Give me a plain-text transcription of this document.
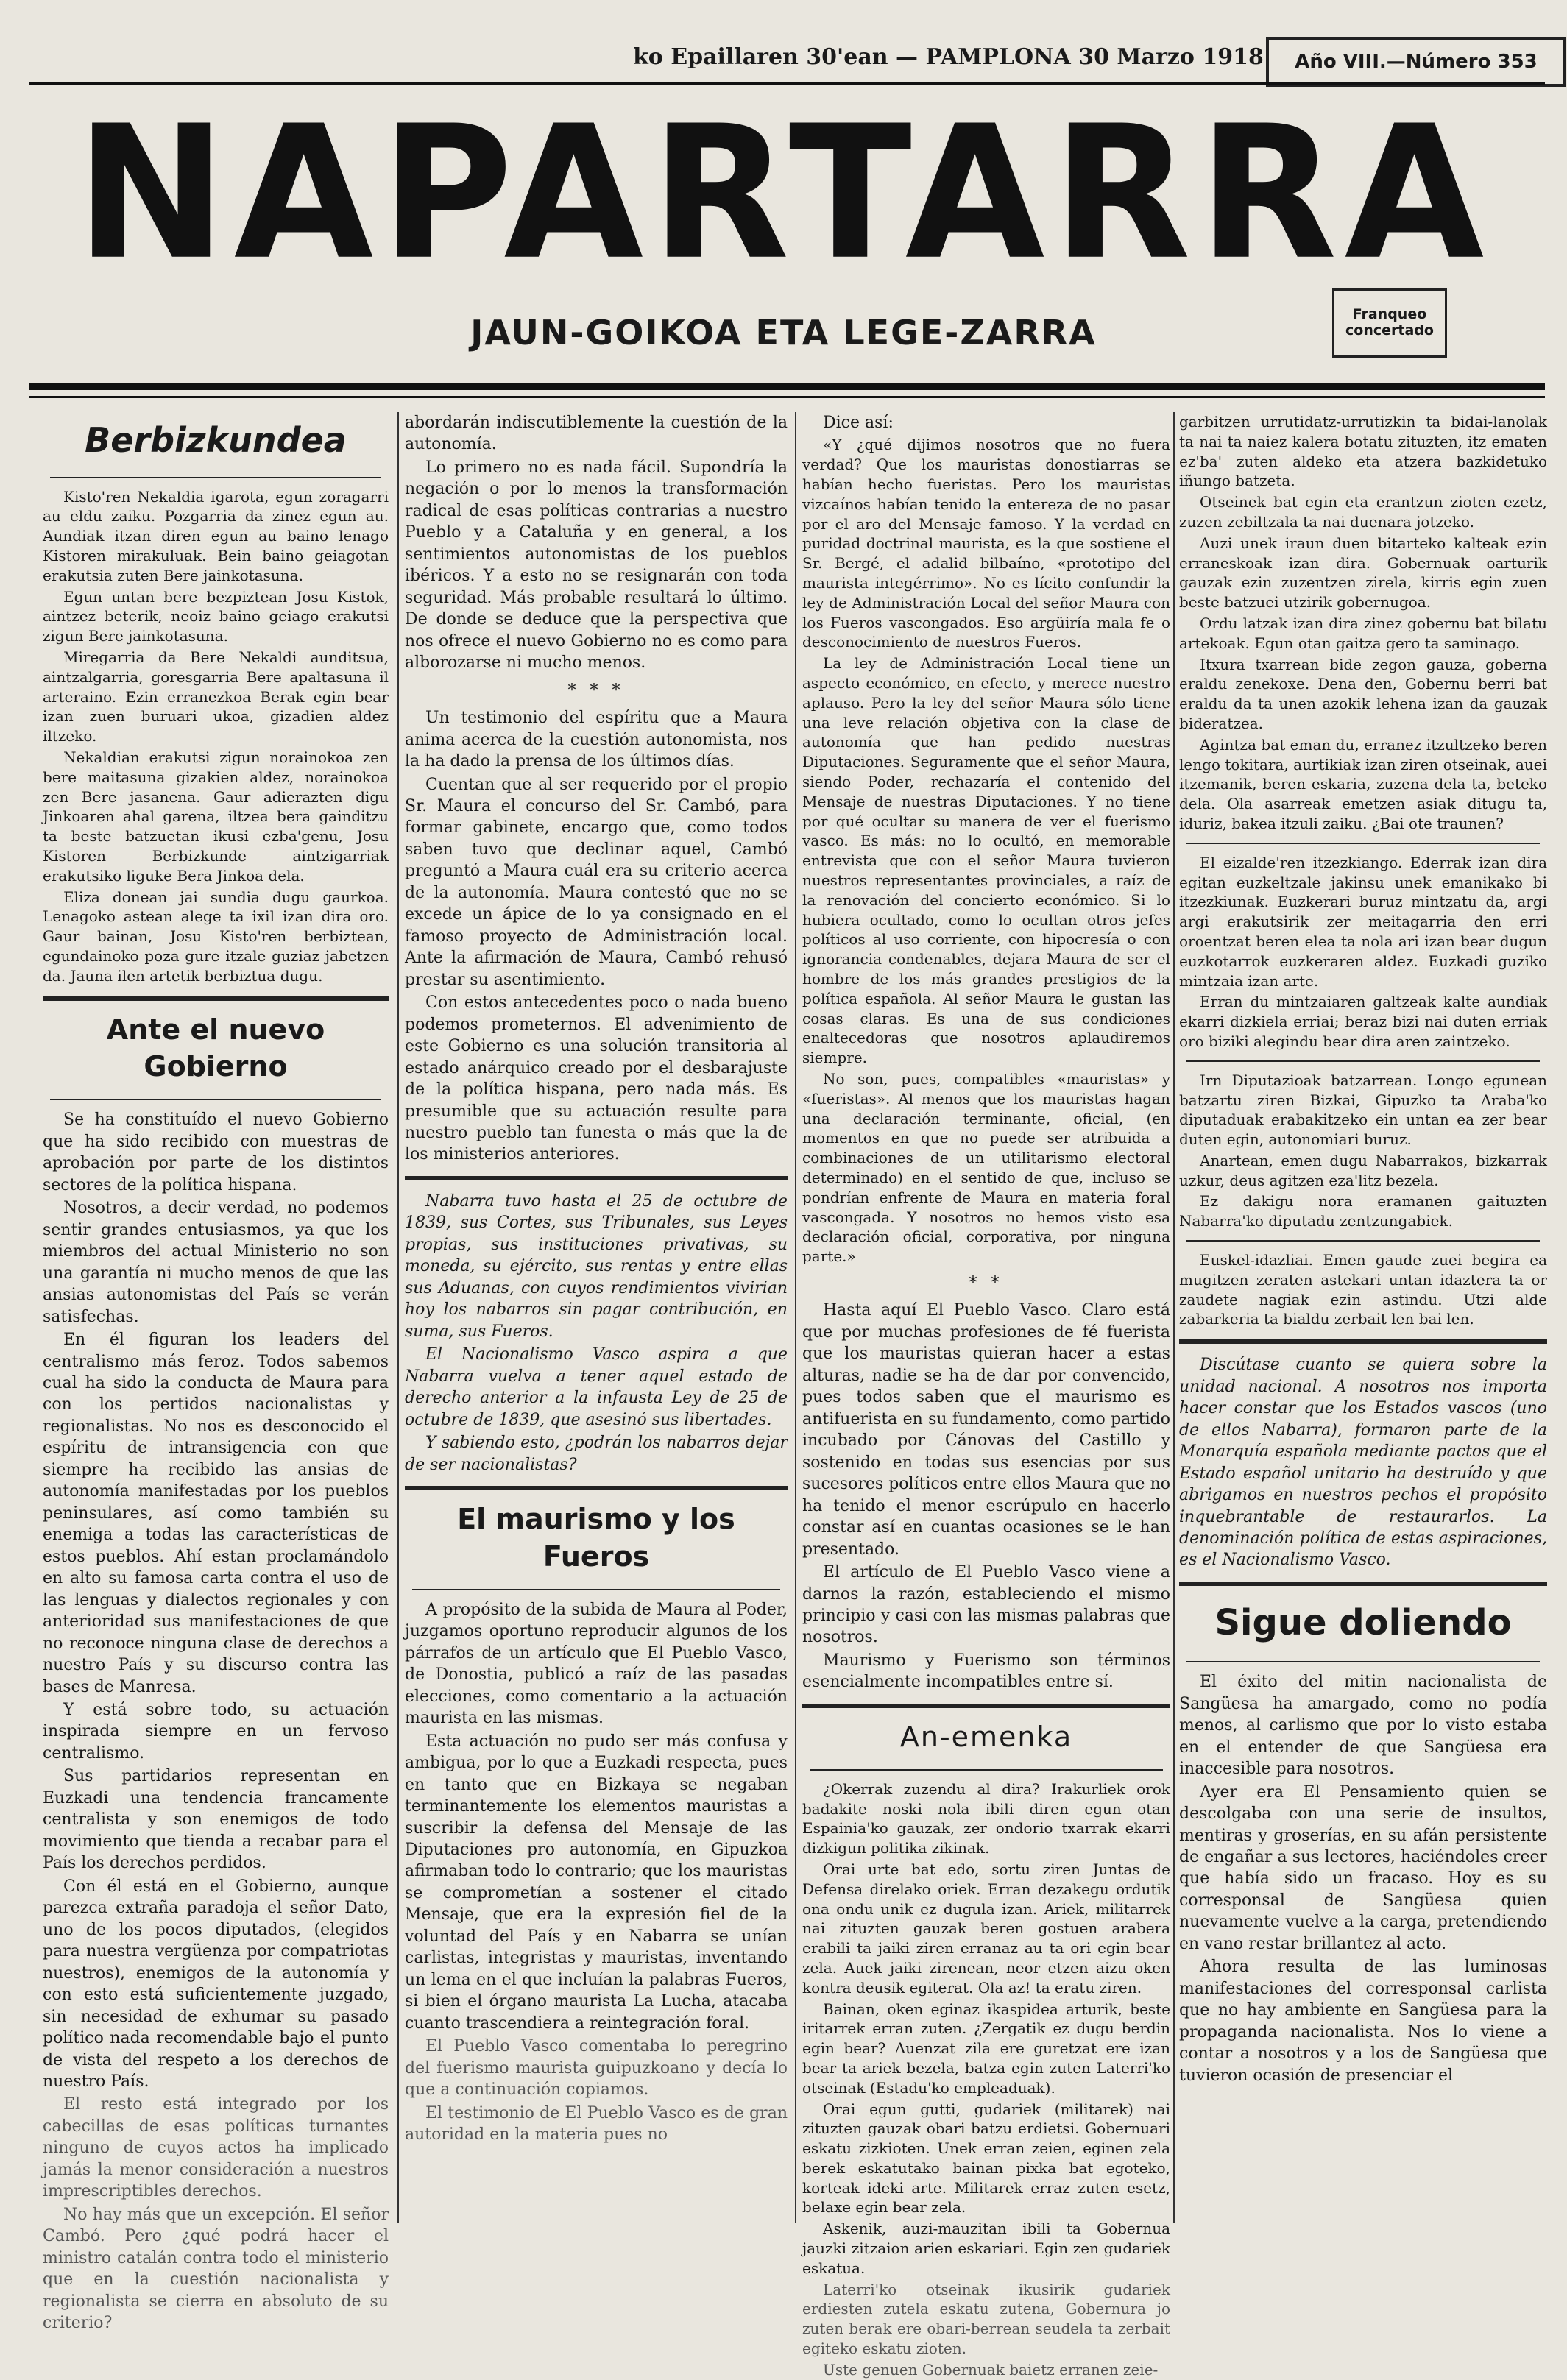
ko Epaillaren 30'ean — PAMPLONA 30 Marzo 1918	Año VIII.—Número 353
NAPARTARRA
JAUN-GOIKOA ETA LEGE-ZARRA	Franqueo concertado
Berbizkundea

Kisto'ren Nekaldia igarota, egun zoragarri au eldu zaiku. Pozgarria da zinez egun au. Aundiak itzan diren egun au baino lenago Kistoren mirakuluak. Bein baino geiagotan erakutsia zuten Bere jainkotasuna.

Egun untan bere bezpiztean Josu Kistok, aintzez beterik, neoiz baino geiago erakutsi zigun Bere jainkotasuna.

Miregarria da Bere Nekaldi aunditsua, aintzalgarria, goresgarria Bere apaltasuna il arteraino. Ezin erranezkoa Berak egin bear izan zuen buruari ukoa, gizadien aldez iltzeko.

Nekaldian erakutsi zigun norainokoa zen bere maitasuna gizakien aldez, norainokoa zen Bere jasanena. Gaur adierazten digu Jinkoaren ahal garena, iltzea bera gainditzu ta beste batzuetan ikusi ezba'genu, Josu Kistoren Berbizkunde aintzigarriak erakutsiko liguke Bera Jinkoa dela.

Eliza donean jai sundia dugu gaurkoa. Lenagoko astean alege ta ixil izan dira oro. Gaur bainan, Josu Kisto'ren berbiztean, egundainoko poza gure itzale guziaz jabetzen da. Jauna ilen artetik berbiztua dugu.

Ante el nuevo Gobierno

Se ha constituído el nuevo Gobierno que ha sido recibido con muestras de aprobación por parte de los distintos sectores de la política hispana.

Nosotros, a decir verdad, no podemos sentir grandes entusiasmos, ya que los miembros del actual Ministerio no son una garantía ni mucho menos de que las ansias autonomistas del País se verán satisfechas.

En él figuran los leaders del centralismo más feroz. Todos sabemos cual ha sido la conducta de Maura para con los pertidos nacionalistas y regionalistas. No nos es desconocido el espíritu de intransigencia con que siempre ha recibido las ansias de autonomía manifestadas por los pueblos peninsulares, así como también su enemiga a todas las características de estos pueblos. Ahí estan proclamándolo en alto su famosa carta contra el uso de las lenguas y dialectos regionales y con anterioridad sus manifestaciones de que no reconoce ninguna clase de derechos a nuestro País y su discurso contra las bases de Manresa.

Y está sobre todo, su actuación inspirada siempre en un fervoso centralismo.

Sus partidarios representan en Euzkadi una tendencia francamente centralista y son enemigos de todo movimiento que tienda a recabar para el País los derechos perdidos.

Con él está en el Gobierno, aunque parezca extraña paradoja el señor Dato, uno de los pocos diputados, (elegidos para nuestra vergüenza por compatriotas nuestros), enemigos de la autonomía y con esto está suficientemente juzgado, sin necesidad de exhumar su pasado político nada recomendable bajo el punto de vista del respeto a los derechos de nuestro País.

El resto está integrado por los cabecillas de esas políticas turnantes ninguno de cuyos actos ha implicado jamás la menor consideración a nuestros imprescriptibles derechos.

No hay más que un excepción. El señor Cambó. Pero ¿qué podrá hacer el ministro catalán contra todo el ministerio que en la cuestión nacionalista y regionalista se cierra en absoluto de su criterio?

abordarán indiscutiblemente la cuestión de la autonomía.

Lo primero no es nada fácil. Supondría la negación o por lo menos la transformación radical de esas políticas contrarias a nuestro Pueblo y a Cataluña y en general, a los sentimientos autonomistas de los pueblos ibéricos. Y a esto no se resignarán con toda seguridad. Más probable resultará lo último. De donde se deduce que la perspectiva que nos ofrece el nuevo Gobierno no es como para alborozarse ni mucho menos.

* * *

Un testimonio del espíritu que a Maura anima acerca de la cuestión autonomista, nos la ha dado la prensa de los últimos días.

Cuentan que al ser requerido por el propio Sr. Maura el concurso del Sr. Cambó, para formar gabinete, encargo que, como todos saben tuvo que declinar aquel, Cambó preguntó a Maura cuál era su criterio acerca de la autonomía. Maura contestó que no se excede un ápice de lo ya consignado en el famoso proyecto de Administración local. Ante la afirmación de Maura, Cambó rehusó prestar su asentimiento.

Con estos antecedentes poco o nada bueno podemos prometernos. El advenimiento de este Gobierno es una solución transitoria al estado anárquico creado por el desbarajuste de la política hispana, pero nada más. Es presumible que su actuación resulte para nuestro pueblo tan funesta o más que la de los ministerios anteriores.

Nabarra tuvo hasta el 25 de octubre de 1839, sus Cortes, sus Tribunales, sus Leyes propias, sus instituciones privativas, su moneda, su ejército, sus rentas y entre ellas sus Aduanas, con cuyos rendimientos vivirian hoy los nabarros sin pagar contribución, en suma, sus Fueros.

El Nacionalismo Vasco aspira a que Nabarra vuelva a tener aquel estado de derecho anterior a la infausta Ley de 25 de octubre de 1839, que asesinó sus libertades.

Y sabiendo esto, ¿podrán los nabarros dejar de ser nacionalistas?

El maurismo y los Fueros

A propósito de la subida de Maura al Poder, juzgamos oportuno reproducir algunos de los párrafos de un artículo que El Pueblo Vasco, de Donostia, publicó a raíz de las pasadas elecciones, como comentario a la actuación maurista en las mismas.

Esta actuación no pudo ser más confusa y ambigua, por lo que a Euzkadi respecta, pues en tanto que en Bizkaya se negaban terminantemente los elementos mauristas a suscribir la defensa del Mensaje de las Diputaciones pro autonomía, en Gipuzkoa afirmaban todo lo contrario; que los mauristas se comprometían a sostener el citado Mensaje, que era la expresión fiel de la voluntad del País y en Nabarra se unían carlistas, integristas y mauristas, inventando un lema en el que incluían la palabras Fueros, si bien el órgano maurista La Lucha, atacaba cuanto trascendiera a reintegración foral.

El Pueblo Vasco comentaba lo peregrino del fuerismo maurista guipuzkoano y decía lo que a continuación copiamos.

El testimonio de El Pueblo Vasco es de gran autoridad en la materia pues no

Dice así:

«Y ¿qué dijimos nosotros que no fuera verdad? Que los mauristas donostiarras se habían hecho fueristas. Pero los mauristas vizcaínos habían tenido la entereza de no pasar por el aro del Mensaje famoso. Y la verdad en puridad doctrinal maurista, es la que sostiene el Sr. Bergé, el adalid bilbaíno, «prototipo del maurista integérrimo». No es lícito confundir la ley de Administración Local del señor Maura con los Fueros vascongados. Eso argüiría mala fe o desconocimiento de nuestros Fueros.

La ley de Administración Local tiene un aspecto económico, en efecto, y merece nuestro aplauso. Pero la ley del señor Maura sólo tiene una leve relación objetiva con la clase de autonomía que han pedido nuestras Diputaciones. Seguramente que el señor Maura, siendo Poder, rechazaría el contenido del Mensaje de nuestras Diputaciones. Y no tiene por qué ocultar su manera de ver el fuerismo vasco. Es más: no lo ocultó, en memorable entrevista que con el señor Maura tuvieron nuestros representantes provinciales, a raíz de la renovación del concierto económico. Si lo hubiera ocultado, como lo ocultan otros jefes políticos al uso corriente, con hipocresía o con ignorancia condenables, dejara Maura de ser el hombre de los más grandes prestigios de la política española. Al señor Maura le gustan las cosas claras. Es una de sus condiciones enaltecedoras que nosotros aplaudiremos siempre.

No son, pues, compatibles «mauristas» y «fueristas». Al menos que los mauristas hagan una declaración terminante, oficial, (en momentos en que no puede ser atribuida a combinaciones de un utilitarismo electoral determinado) en el sentido de que, incluso se pondrían enfrente de Maura en materia foral vascongada. Y nosotros no hemos visto esa declaración oficial, corporativa, por ninguna parte.»

* *

Hasta aquí El Pueblo Vasco. Claro está que por muchas profesiones de fé fuerista que los mauristas quieran hacer a estas alturas, nadie se ha de dar por convencido, pues todos saben que el maurismo es antifuerista en su fundamento, como partido incubado por Cánovas del Castillo y sostenido en todas sus esencias por sus sucesores políticos entre ellos Maura que no ha tenido el menor escrúpulo en hacerlo constar así en cuantas ocasiones se le han presentado.

El artículo de El Pueblo Vasco viene a darnos la razón, estableciendo el mismo principio y casi con las mismas palabras que nosotros.

Maurismo y Fuerismo son términos esencialmente incompatibles entre sí.

An-emenka

¿Okerrak zuzendu al dira? Irakurliek orok badakite noski nola ibili diren egun otan Espainia'ko gauzak, zer ondorio txarrak ekarri dizkigun politika zikinak.

Orai urte bat edo, sortu ziren Juntas de Defensa direlako oriek. Erran dezakegu ordutik ona ondu unik ez dugula izan. Ariek, militarrek nai zituzten gauzak beren gostuen arabera erabili ta jaiki ziren erranaz au ta ori egin bear zela. Auek jaiki zirenean, neor etzen aizu oken kontra deusik egiterat. Ola az! ta eratu ziren.

Bainan, oken eginaz ikaspidea arturik, beste iritarrek erran zuten. ¿Zergatik ez dugu berdin egin bear? Auenzat zila ere guretzat ere izan bear ta ariek bezela, batza egin zuten Laterri'ko otseinak (Estadu'ko empleaduak).

Orai egun gutti, gudariek (militarek) nai zituzten gauzak obari batzu erdietsi. Gobernuari eskatu zizkioten. Unek erran zeien, eginen zela berek eskatutako bainan pixka bat egoteko, korteak ideki arte. Militarek erraz zuten esetz, belaxe egin bear zela.

Askenik, auzi-mauzitan ibili ta Gobernua jauzki zitzaion arien eskariari. Egin zen gudariek eskatua.

Laterri'ko otseinak ikusirik gudariek erdiesten zutela eskatu zutena, Gobernura jo zuten berak ere obari-berrean seudela ta zerbait egiteko eskatu zioten.

Uste genuen Gobernuak baietz erranen zeie-

garbitzen urrutidatz-urrutizkin ta bidai-lanolak ta nai ta naiez kalera botatu zituzten, itz ematen ez'ba' zuten aldeko eta atzera bazkidetuko iñungo batzeta.

Otseinek bat egin eta erantzun zioten ezetz, zuzen zebiltzala ta nai duenara jotzeko.

Auzi unek iraun duen bitarteko kalteak ezin erraneskoak izan dira. Gobernuak oarturik gauzak ezin zuzentzen zirela, kirris egin zuen beste batzuei utzirik gobernugoa.

Ordu latzak izan dira zinez gobernu bat bilatu artekoak. Egun otan gaitza gero ta saminago.

Itxura txarrean bide zegon gauza, goberna eraldu zenekoxe. Dena den, Gobernu berri bat eraldu da ta unen azokik lehena izan da gauzak bideratzea.

Agintza bat eman du, erranez itzultzeko beren lengo tokitara, aurtikiak izan ziren otseinak, auei itzemanik, beren eskaria, zuzena dela ta, beteko dela. Ola asarreak emetzen asiak ditugu ta, iduriz, bakea itzuli zaiku. ¿Bai ote traunen?

El eizalde'ren itzezkiango. Ederrak izan dira egitan euzkeltzale jakinsu unek emanikako bi itzezkiunak. Euzkerari buruz mintzatu da, argi argi erakutsirik zer meitagarria den erri oroentzat beren elea ta nola ari izan bear dugun euzkotarrok euzkeraren aldez. Euzkadi guziko mintzaia izan arte.

Erran du mintzaiaren galtzeak kalte aundiak ekarri dizkiela erriai; beraz bizi nai duten erriak oro biziki alegindu bear dira aren zaintzeko.

Irn Diputazioak batzarrean. Longo egunean batzartu ziren Bizkai, Gipuzko ta Araba'ko diputaduak erabakitzeko ein untan ea zer bear duten egin, autonomiari buruz.

Anartean, emen dugu Nabarrakos, bizkarrak uzkur, deus agitzen eza'litz bezela.

Ez dakigu nora eramanen gaituzten Nabarra'ko diputadu zentzungabiek.

Euskel-idazliai. Emen gaude zuei begira ea mugitzen zeraten astekari untan idaztera ta or zaudete nagiak ezin astindu. Utzi alde zabarkeria ta bialdu zerbait len bai len.

Discútase cuanto se quiera sobre la unidad nacional. A nosotros nos importa hacer constar que los Estados vascos (uno de ellos Nabarra), formaron parte de la Monarquía española mediante pactos que el Estado español unitario ha destruído y que abrigamos en nuestros pechos el propósito inquebrantable de restaurarlos. La denominación política de estas aspiraciones, es el Nacionalismo Vasco.

Sigue doliendo

El éxito del mitin nacionalista de Sangüesa ha amargado, como no podía menos, al carlismo que por lo visto estaba en el entender de que Sangüesa era inaccesible para nosotros.

Ayer era El Pensamiento quien se descolgaba con una serie de insultos, mentiras y groserías, en su afán persistente de engañar a sus lectores, haciéndoles creer que había sido un fracaso. Hoy es su corresponsal de Sangüesa quien nuevamente vuelve a la carga, pretendiendo en vano restar brillantez al acto.

Ahora resulta de las luminosas manifestaciones del corresponsal carlista que no hay ambiente en Sangüesa para la propaganda nacionalista. Nos lo viene a contar a nosotros y a los de Sangüesa que tuvieron ocasión de presenciar el
